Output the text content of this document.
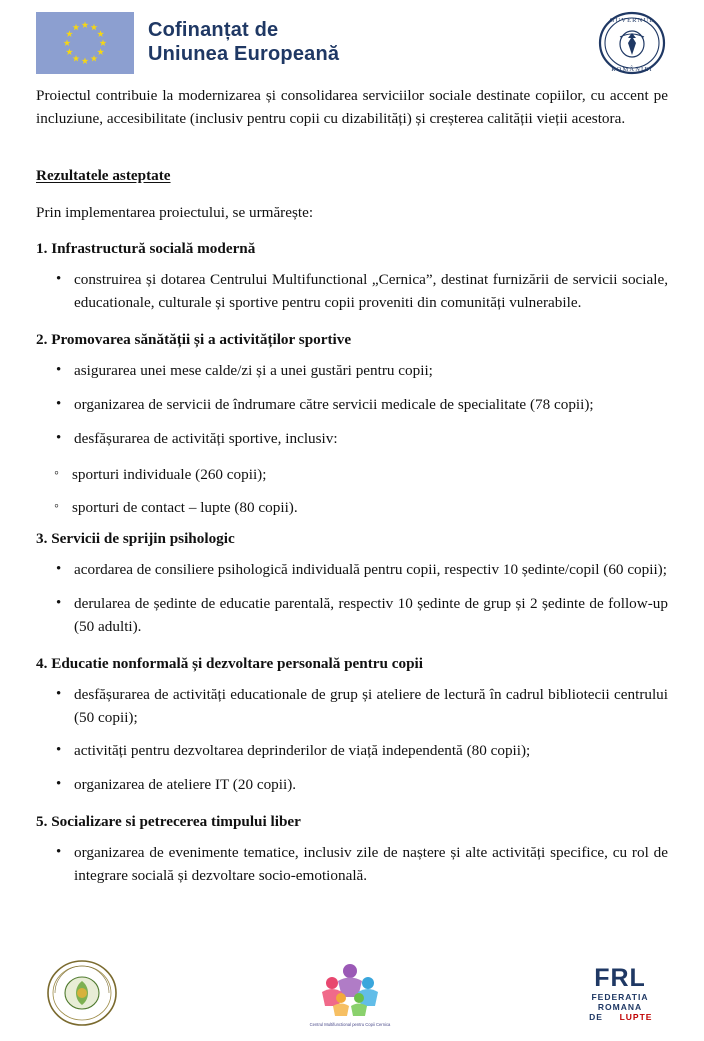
Cofinanțat de
Uniunea Europeană
GUVERNUL
ROMÂNIEI

Proiectul contribuie la modernizarea și consolidarea serviciilor sociale destinate copiilor, cu accent pe incluziune, accesibilitate (inclusiv pentru copii cu dizabilități) și creșterea calității vieții acestora.

Rezultatele asteptate

Prin implementarea proiectului, se urmărește:

1. Infrastructură socială modernă
• construirea și dotarea Centrului Multifunctional „Cernica”, destinat furnizării de servicii sociale, educationale, culturale și sportive pentru copii proveniti din comunități vulnerabile.
2. Promovarea sănătății și a activităților sportive
• asigurarea unei mese calde/zi și a unei gustări pentru copii;
• organizarea de servicii de îndrumare către servicii medicale de specialitate (78 copii);
• desfășurarea de activități sportive, inclusiv:
◦ sporturi individuale (260 copii);
◦ sporturi de contact – lupte (80 copii).
3. Servicii de sprijin psihologic
• acordarea de consiliere psihologică individuală pentru copii, respectiv 10 ședinte/copil (60 copii);
• derularea de ședinte de educatie parentală, respectiv 10 ședinte de grup și 2 ședinte de follow-up (50 adulti).
4. Educatie nonformală și dezvoltare personală pentru copii
• desfășurarea de activități educationale de grup și ateliere de lectură în cadrul bibliotecii centrului (50 copii);
• activități pentru dezvoltarea deprinderilor de viață independentă (80 copii);
• organizarea de ateliere IT (20 copii).
5. Socializare si petrecerea timpului liber
• organizarea de evenimente tematice, inclusiv zile de naștere și alte activități specifice, cu rol de integrare socială și dezvoltare socio-emotională.
Centrul Multifunctional pentru Copii Cernica
FRL
FEDERATIA
ROMANA
DE LUPTE
